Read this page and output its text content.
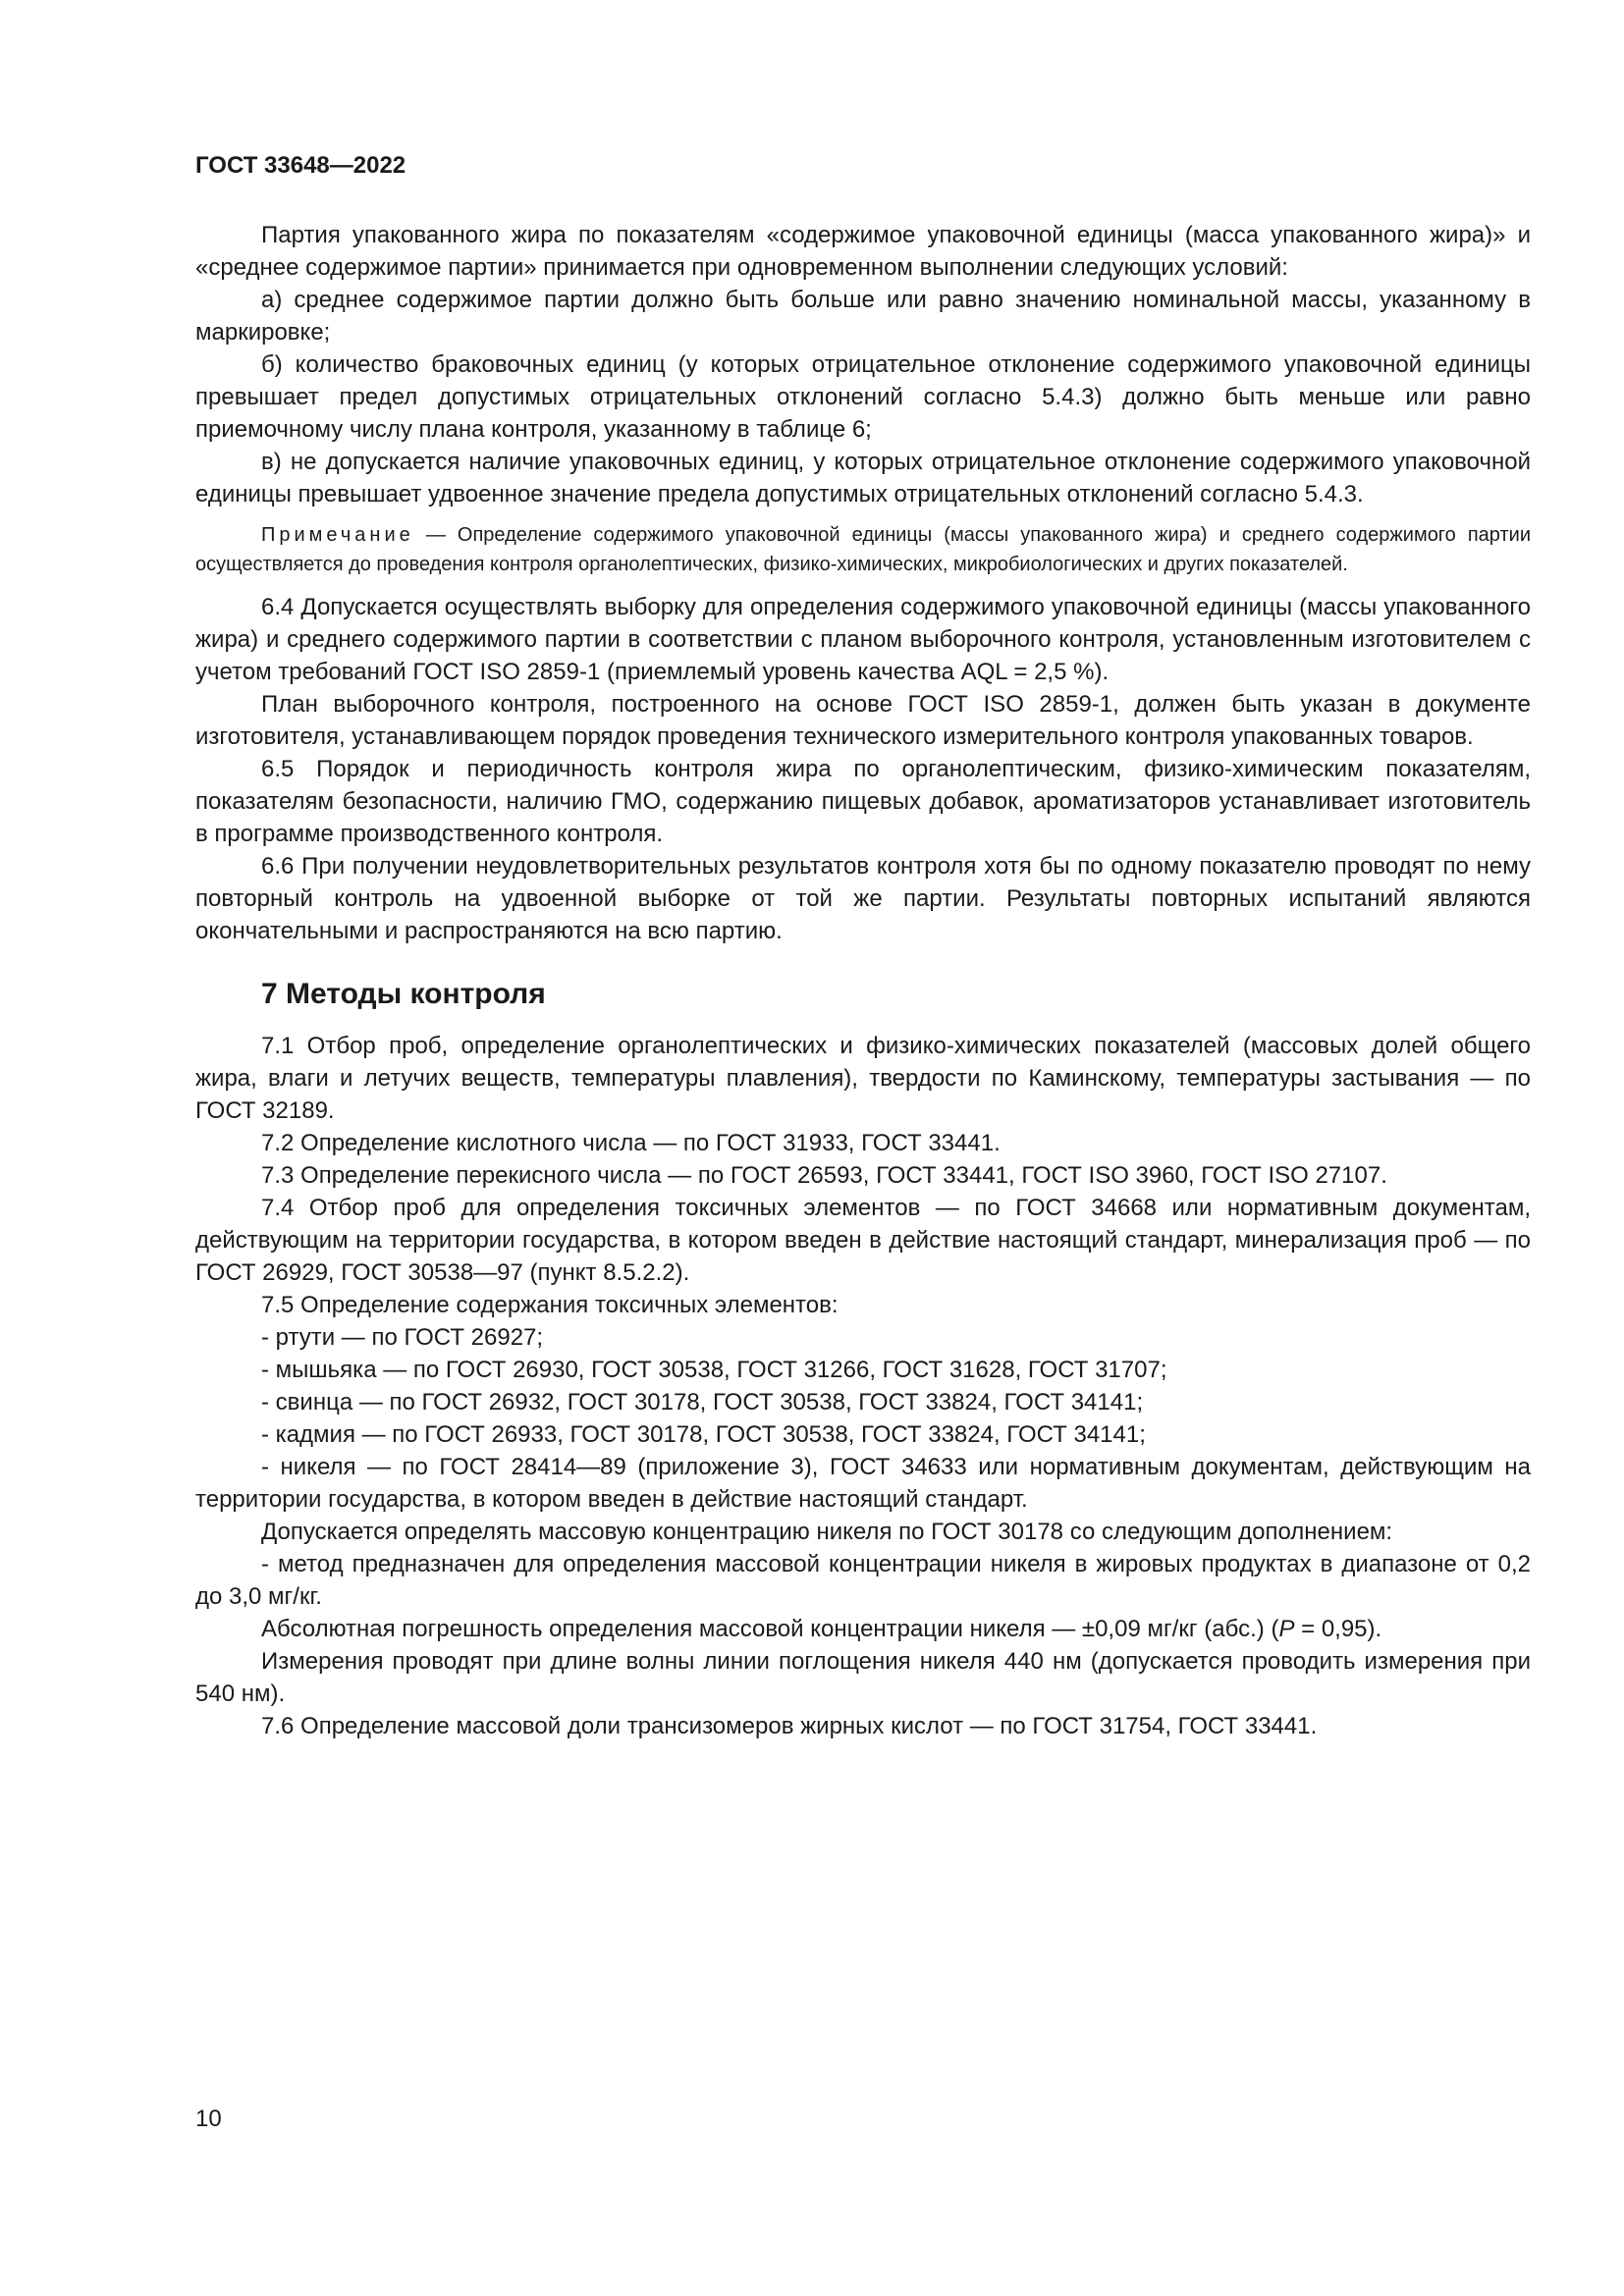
ГОСТ 33648—2022

Партия упакованного жира по показателям «содержимое упаковочной единицы (масса упакованного жира)» и «среднее содержимое партии» принимается при одновременном выполнении следующих условий:

а) среднее содержимое партии должно быть больше или равно значению номинальной массы, указанному в маркировке;

б) количество браковочных единиц (у которых отрицательное отклонение содержимого упаковочной единицы превышает предел допустимых отрицательных отклонений согласно 5.4.3) должно быть меньше или равно приемочному числу плана контроля, указанному в таблице 6;

в) не допускается наличие упаковочных единиц, у которых отрицательное отклонение содержимого упаковочной единицы превышает удвоенное значение предела допустимых отрицательных отклонений согласно 5.4.3.

Примечание — Определение содержимого упаковочной единицы (массы упакованного жира) и среднего содержимого партии осуществляется до проведения контроля органолептических, физико-химических, микробиологических и других показателей.

6.4 Допускается осуществлять выборку для определения содержимого упаковочной единицы (массы упакованного жира) и среднего содержимого партии в соответствии с планом выборочного контроля, установленным изготовителем с учетом требований ГОСТ ISO 2859-1 (приемлемый уровень качества AQL = 2,5 %).

План выборочного контроля, построенного на основе ГОСТ ISO 2859-1, должен быть указан в документе изготовителя, устанавливающем порядок проведения технического измерительного контроля упакованных товаров.

6.5 Порядок и периодичность контроля жира по органолептическим, физико-химическим показателям, показателям безопасности, наличию ГМО, содержанию пищевых добавок, ароматизаторов устанавливает изготовитель в программе производственного контроля.

6.6 При получении неудовлетворительных результатов контроля хотя бы по одному показателю проводят по нему повторный контроль на удвоенной выборке от той же партии. Результаты повторных испытаний являются окончательными и распространяются на всю партию.

7 Методы контроля

7.1 Отбор проб, определение органолептических и физико-химических показателей (массовых долей общего жира, влаги и летучих веществ, температуры плавления), твердости по Каминскому, температуры застывания — по ГОСТ 32189.

7.2 Определение кислотного числа — по ГОСТ 31933, ГОСТ 33441.

7.3 Определение перекисного числа — по ГОСТ 26593, ГОСТ 33441, ГОСТ ISO 3960, ГОСТ ISO 27107.

7.4 Отбор проб для определения токсичных элементов — по ГОСТ 34668 или нормативным документам, действующим на территории государства, в котором введен в действие настоящий стандарт, минерализация проб — по ГОСТ 26929, ГОСТ 30538—97 (пункт 8.5.2.2).

7.5 Определение содержания токсичных элементов:

- ртути — по ГОСТ 26927;

- мышьяка — по ГОСТ 26930, ГОСТ 30538, ГОСТ 31266, ГОСТ 31628, ГОСТ 31707;

- свинца — по ГОСТ 26932, ГОСТ 30178, ГОСТ 30538, ГОСТ 33824, ГОСТ 34141;

- кадмия — по ГОСТ 26933, ГОСТ 30178, ГОСТ 30538, ГОСТ 33824, ГОСТ 34141;

- никеля — по ГОСТ 28414—89 (приложение 3), ГОСТ 34633 или нормативным документам, действующим на территории государства, в котором введен в действие настоящий стандарт.

Допускается определять массовую концентрацию никеля по ГОСТ 30178 со следующим дополнением:

- метод предназначен для определения массовой концентрации никеля в жировых продуктах в диапазоне от 0,2 до 3,0 мг/кг.

Абсолютная погрешность определения массовой концентрации никеля — ±0,09 мг/кг (абс.) (P = 0,95).

Измерения проводят при длине волны линии поглощения никеля 440 нм (допускается проводить измерения при 540 нм).

7.6 Определение массовой доли трансизомеров жирных кислот — по ГОСТ 31754, ГОСТ 33441.

10
